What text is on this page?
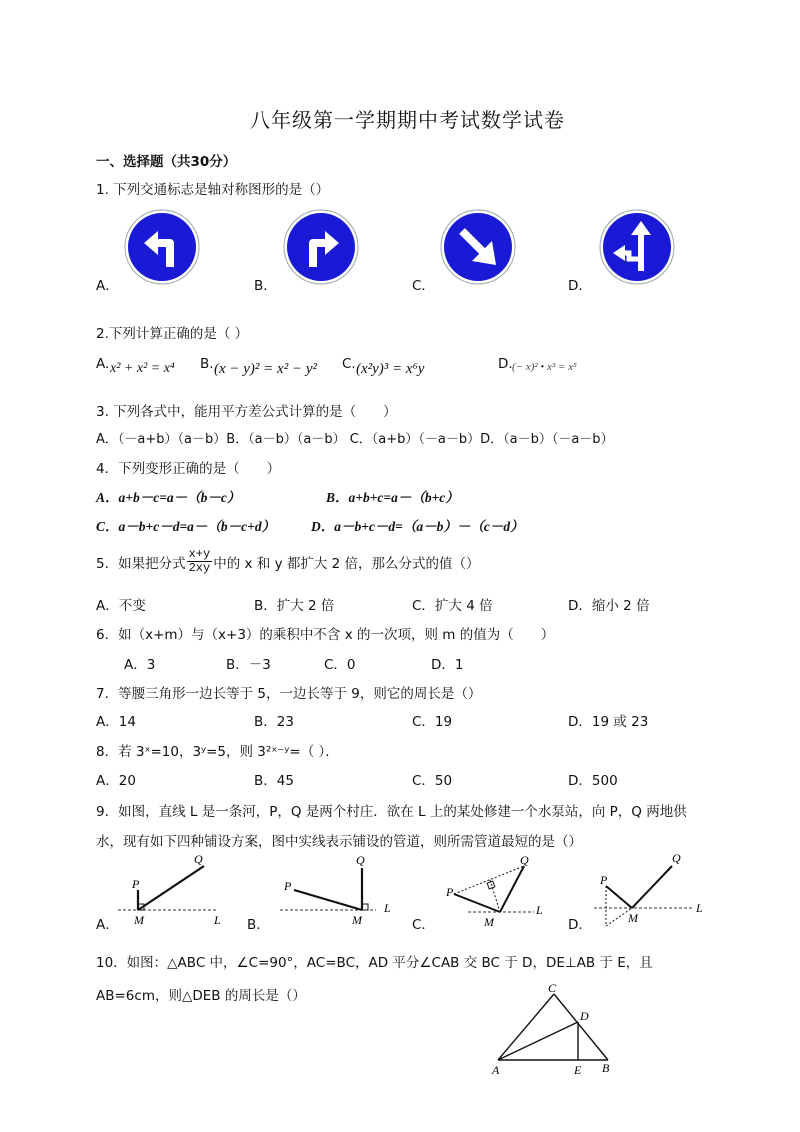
八年级第一学期期中考试数学试卷
一、选择题（共30分）
1. 下列交通标志是轴对称图形的是（）
A．	B．	C．	D．
2.下列计算正确的是（ ）
A. x² + x² = x⁴ B. (x − y)² = x² − y² C. (x²y)³ = x⁶y	D. (− x)² • x³ = x⁵
3. 下列各式中，能用平方差公式计算的是（　　）
A．（－a+b）（a－b）B．（a－b）（a－b） C．（a+b）（－a－b）D．（a－b）（－a－b）
4．下列变形正确的是（　　）
A．a+b－c=a－（b－c）	B．a+b+c=a－（b+c）
C．a－b+c－d=a－（b－c+d）	D．a－b+c－d=（a－b）－（c－d）
5．如果把分式 $\frac{x+y}{2xy}$ 中的 x 和 y 都扩大 2 倍，那么分式的值（）
A．不变	B．扩大 2 倍	C．扩大 4 倍	D．缩小 2 倍
6．如（x+m）与（x+3）的乘积中不含 x 的一次项，则 m 的值为（　　）
A．3	B．－3	C．0	D．1
7．等腰三角形一边长等于 5，一边长等于 9，则它的周长是（）
A．14	B．23	C．19	D．19 或 23
8．若 3ˣ=10，3ʸ=5，则 3²ˣ⁻ʸ=（ ）．
A．20	B．45	C．50	D．500
9．如图，直线 L 是一条河，P，Q 是两个村庄．欲在 L 上的某处修建一个水泵站，向 P，Q 两地供
水，现有如下四种铺设方案，图中实线表示铺设的管道，则所需管道最短的是（）
A．	B．	C．	D．
P
Q
M	L
P
Q
M
L
P
Q
M
L
P
Q
M
L
10．如图：△ABC 中，∠C=90°，AC=BC，AD 平分∠CAB 交 BC 于 D，DE⊥AB 于 E，且
AB=6cm，则△DEB 的周长是（）	C
D
A	E B
